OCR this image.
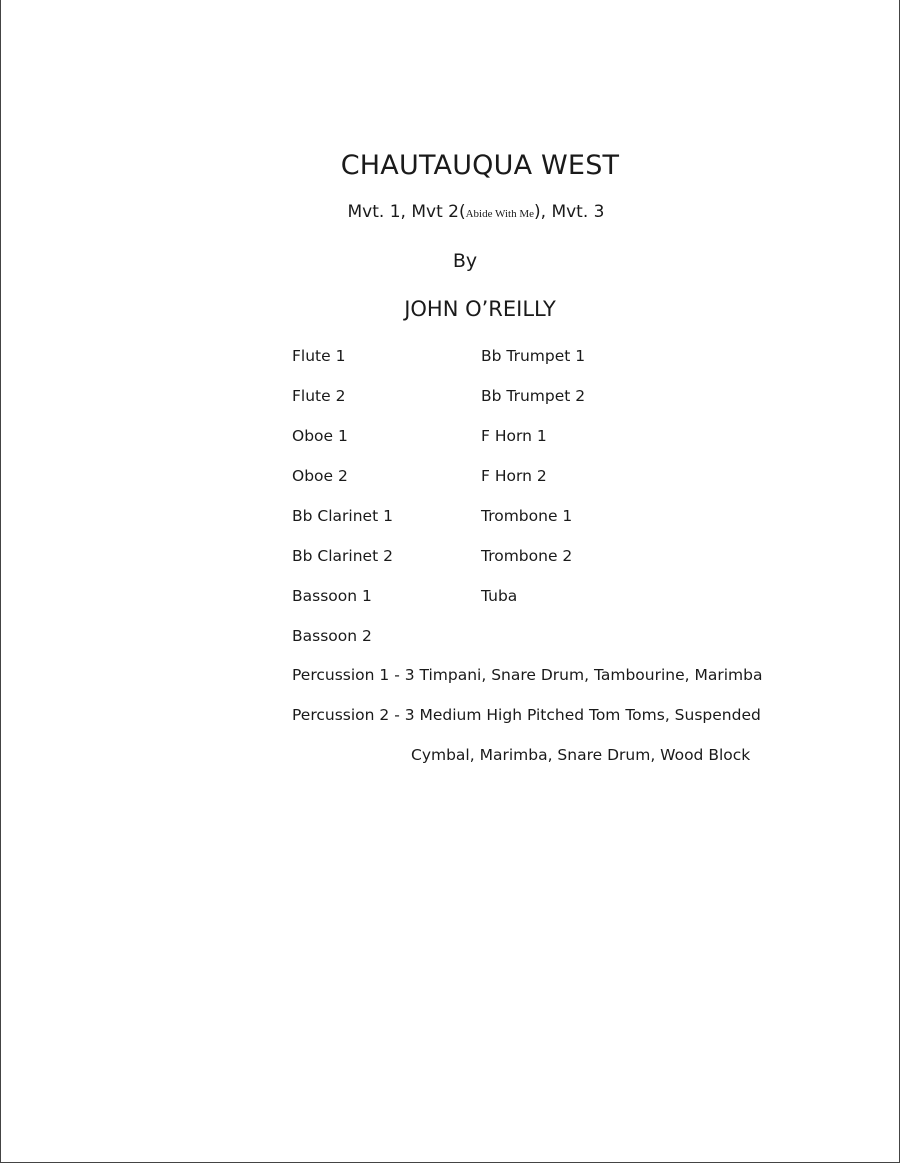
CHAUTAUQUA WEST
Mvt. 1, Mvt 2(Abide With Me), Mvt. 3
By
JOHN O’REILLY
Flute 1
Flute 2
Oboe 1
Oboe 2
Bb Clarinet 1
Bb Clarinet 2
Bassoon 1
Bassoon 2
Bb Trumpet 1
Bb Trumpet 2
F Horn 1
F Horn 2
Trombone 1
Trombone 2
Tuba
Percussion 1 - 3 Timpani, Snare Drum, Tambourine, Marimba
Percussion 2 - 3 Medium High Pitched Tom Toms, Suspended
Cymbal, Marimba, Snare Drum, Wood Block
